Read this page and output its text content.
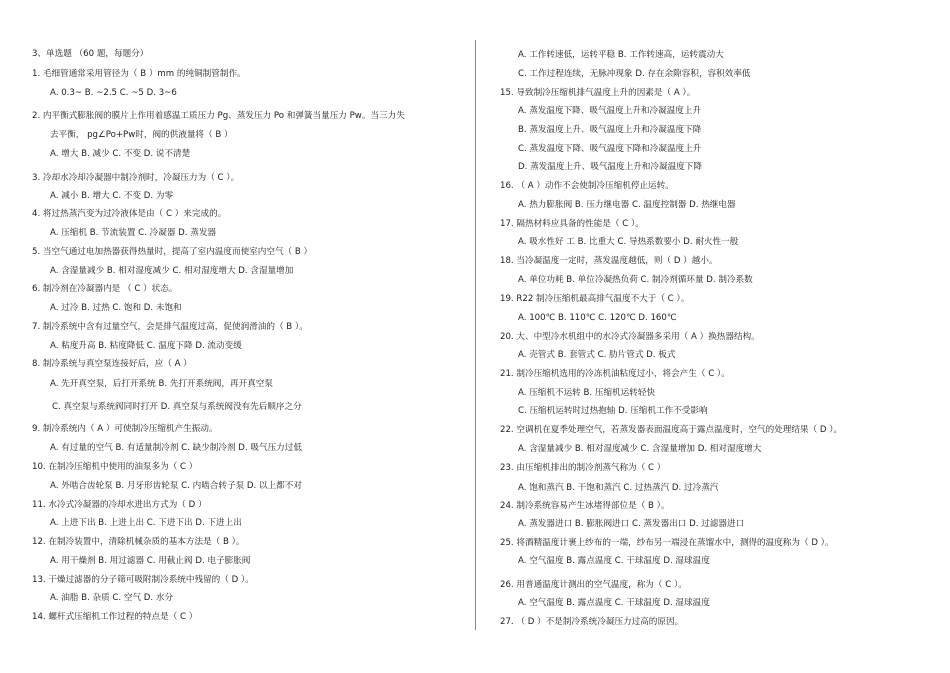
3、单选题 （60 题，每题分）
1. 毛细管通常采用管径为（ B ）mm 的纯铜制管制作。
A. 0.3~ B. ~2.5 C. ~5 D. 3~6
2. 内平衡式膨胀阀的膜片上作用着感温工质压力 Pg、蒸发压力 Po 和弹簧当量压力 Pw。当三力失
去平衡， pg∠Po+Pw时，阀的供液量将（ B ）
A. 增大 B. 减少 C. 不变 D. 说不清楚
3. 冷却水冷却冷凝器中制冷剂时，冷凝压力为（ C ）。
A. 减小 B. 增大 C. 不变 D. 为零
4. 将过热蒸汽变为过冷液体是由（ C ）来完成的。
A. 压缩机 B. 节流装置 C. 冷凝器 D. 蒸发器
5. 当空气通过电加热器获得热量时，提高了室内温度而使室内空气（ B ）
A. 含湿量减少 B. 相对湿度减少 C. 相对湿度增大 D. 含湿量增加
6. 制冷剂在冷凝器内是 （ C ）状态。
A. 过冷 B. 过热 C. 饱和 D. 未饱和
7. 制冷系统中含有过量空气，会是排气温度过高，促使润滑油的（ B ）。
A. 粘度升高 B. 粘度降低 C. 温度下降 D. 流动变缓
8. 制冷系统与真空泵连接好后，应（ A ）
A. 先开真空泵，后打开系统 B. 先打开系统阀，再开真空泵
C. 真空泵与系统阀同时打开 D. 真空泵与系统阀没有先后顺序之分
9. 制冷系统内（ A ）可使制冷压缩机产生振动。
A. 有过量的空气 B. 有适量制冷剂 C. 缺少制冷剂 D. 吸气压力过低
10. 在制冷压缩机中使用的油泵多为（ C ）
A. 外啮合齿轮泵 B. 月牙形齿轮泵 C. 内啮合转子泵 D. 以上都不对
11. 水冷式冷凝器的冷却水进出方式为（ D ）
A. 上进下出 B. 上进上出 C. 下进下出 D. 下进上出
12. 在制冷装置中，清除机械杂质的基本方法是（ B ）。
A. 用干燥剂 B. 用过滤器 C. 用截止阀 D. 电子膨胀阀
13. 干燥过滤器的分子筛可吸附制冷系统中残留的（ D ）。
A. 油脂 B. 杂质 C. 空气 D. 水分
14. 螺杆式压缩机工作过程的特点是（ C ）
A. 工作转速低，运转平稳 B. 工作转速高，运转震动大
C. 工作过程连续，无脉冲现象 D. 存在余隙容积，容积效率低
15. 导致制冷压缩机排气温度上升的因素是（ A ）。
A. 蒸发温度下降、吸气温度上升和冷凝温度上升
B. 蒸发温度上升、吸气温度上升和冷凝温度下降
C. 蒸发温度下降、吸气温度下降和冷凝温度上升
D. 蒸发温度上升、吸气温度上升和冷凝温度下降
16. （ A ）动作不会使制冷压缩机停止运转。
A. 热力膨胀阀 B. 压力继电器 C. 温度控制器 D. 热继电器
17. 隔热材料应具备的性能是（ C ）。
A. 吸水性好 工 B. 比重大 C. 导热系数要小 D. 耐火性一般
18. 当冷凝温度一定时，蒸发温度越低，则（ D ）越小。
A. 单位功耗 B. 单位冷凝热负荷 C. 制冷剂循环量 D. 制冷系数
19. R22 制冷压缩机最高排气温度不大于（ C ）。
A. 100℃ B. 110℃ C. 120℃ D. 160℃
20. 大、中型冷水机组中的水冷式冷凝器多采用（ A ）换热器结构。
A. 壳管式 B. 套管式 C. 肋片管式 D. 板式
21. 制冷压缩机选用的冷冻机油粘度过小，将会产生（ C ）。
A. 压缩机不运转 B. 压缩机运转轻快
C. 压缩机运转时过热抱轴 D. 压缩机工作不受影响
22. 空调机在夏季处理空气，若蒸发器表面温度高于露点温度时，空气的处理结果（ D ）。
A. 含湿量减少 B. 相对湿度减少 C. 含湿量增加 D. 相对湿度增大
23. 由压缩机排出的制冷剂蒸气称为（ C ）
A. 饱和蒸汽 B. 干饱和蒸汽 C. 过热蒸汽 D. 过冷蒸汽
24. 制冷系统容易产生冰堵得部位是（ B ）。
A. 蒸发器进口 B. 膨胀阀进口 C. 蒸发器出口 D. 过滤器进口
25. 将酒精温度计裹上纱布的一端，纱布另一端浸在蒸馏水中，测得的温度称为（ D ）。
A. 空气温度 B. 露点温度 C. 干球温度 D. 湿球温度
26. 用普通温度计测出的空气温度，称为（ C ）。
A. 空气温度 B. 露点温度 C. 干球温度 D. 湿球温度
27. （ D ）不是制冷系统冷凝压力过高的原因。
